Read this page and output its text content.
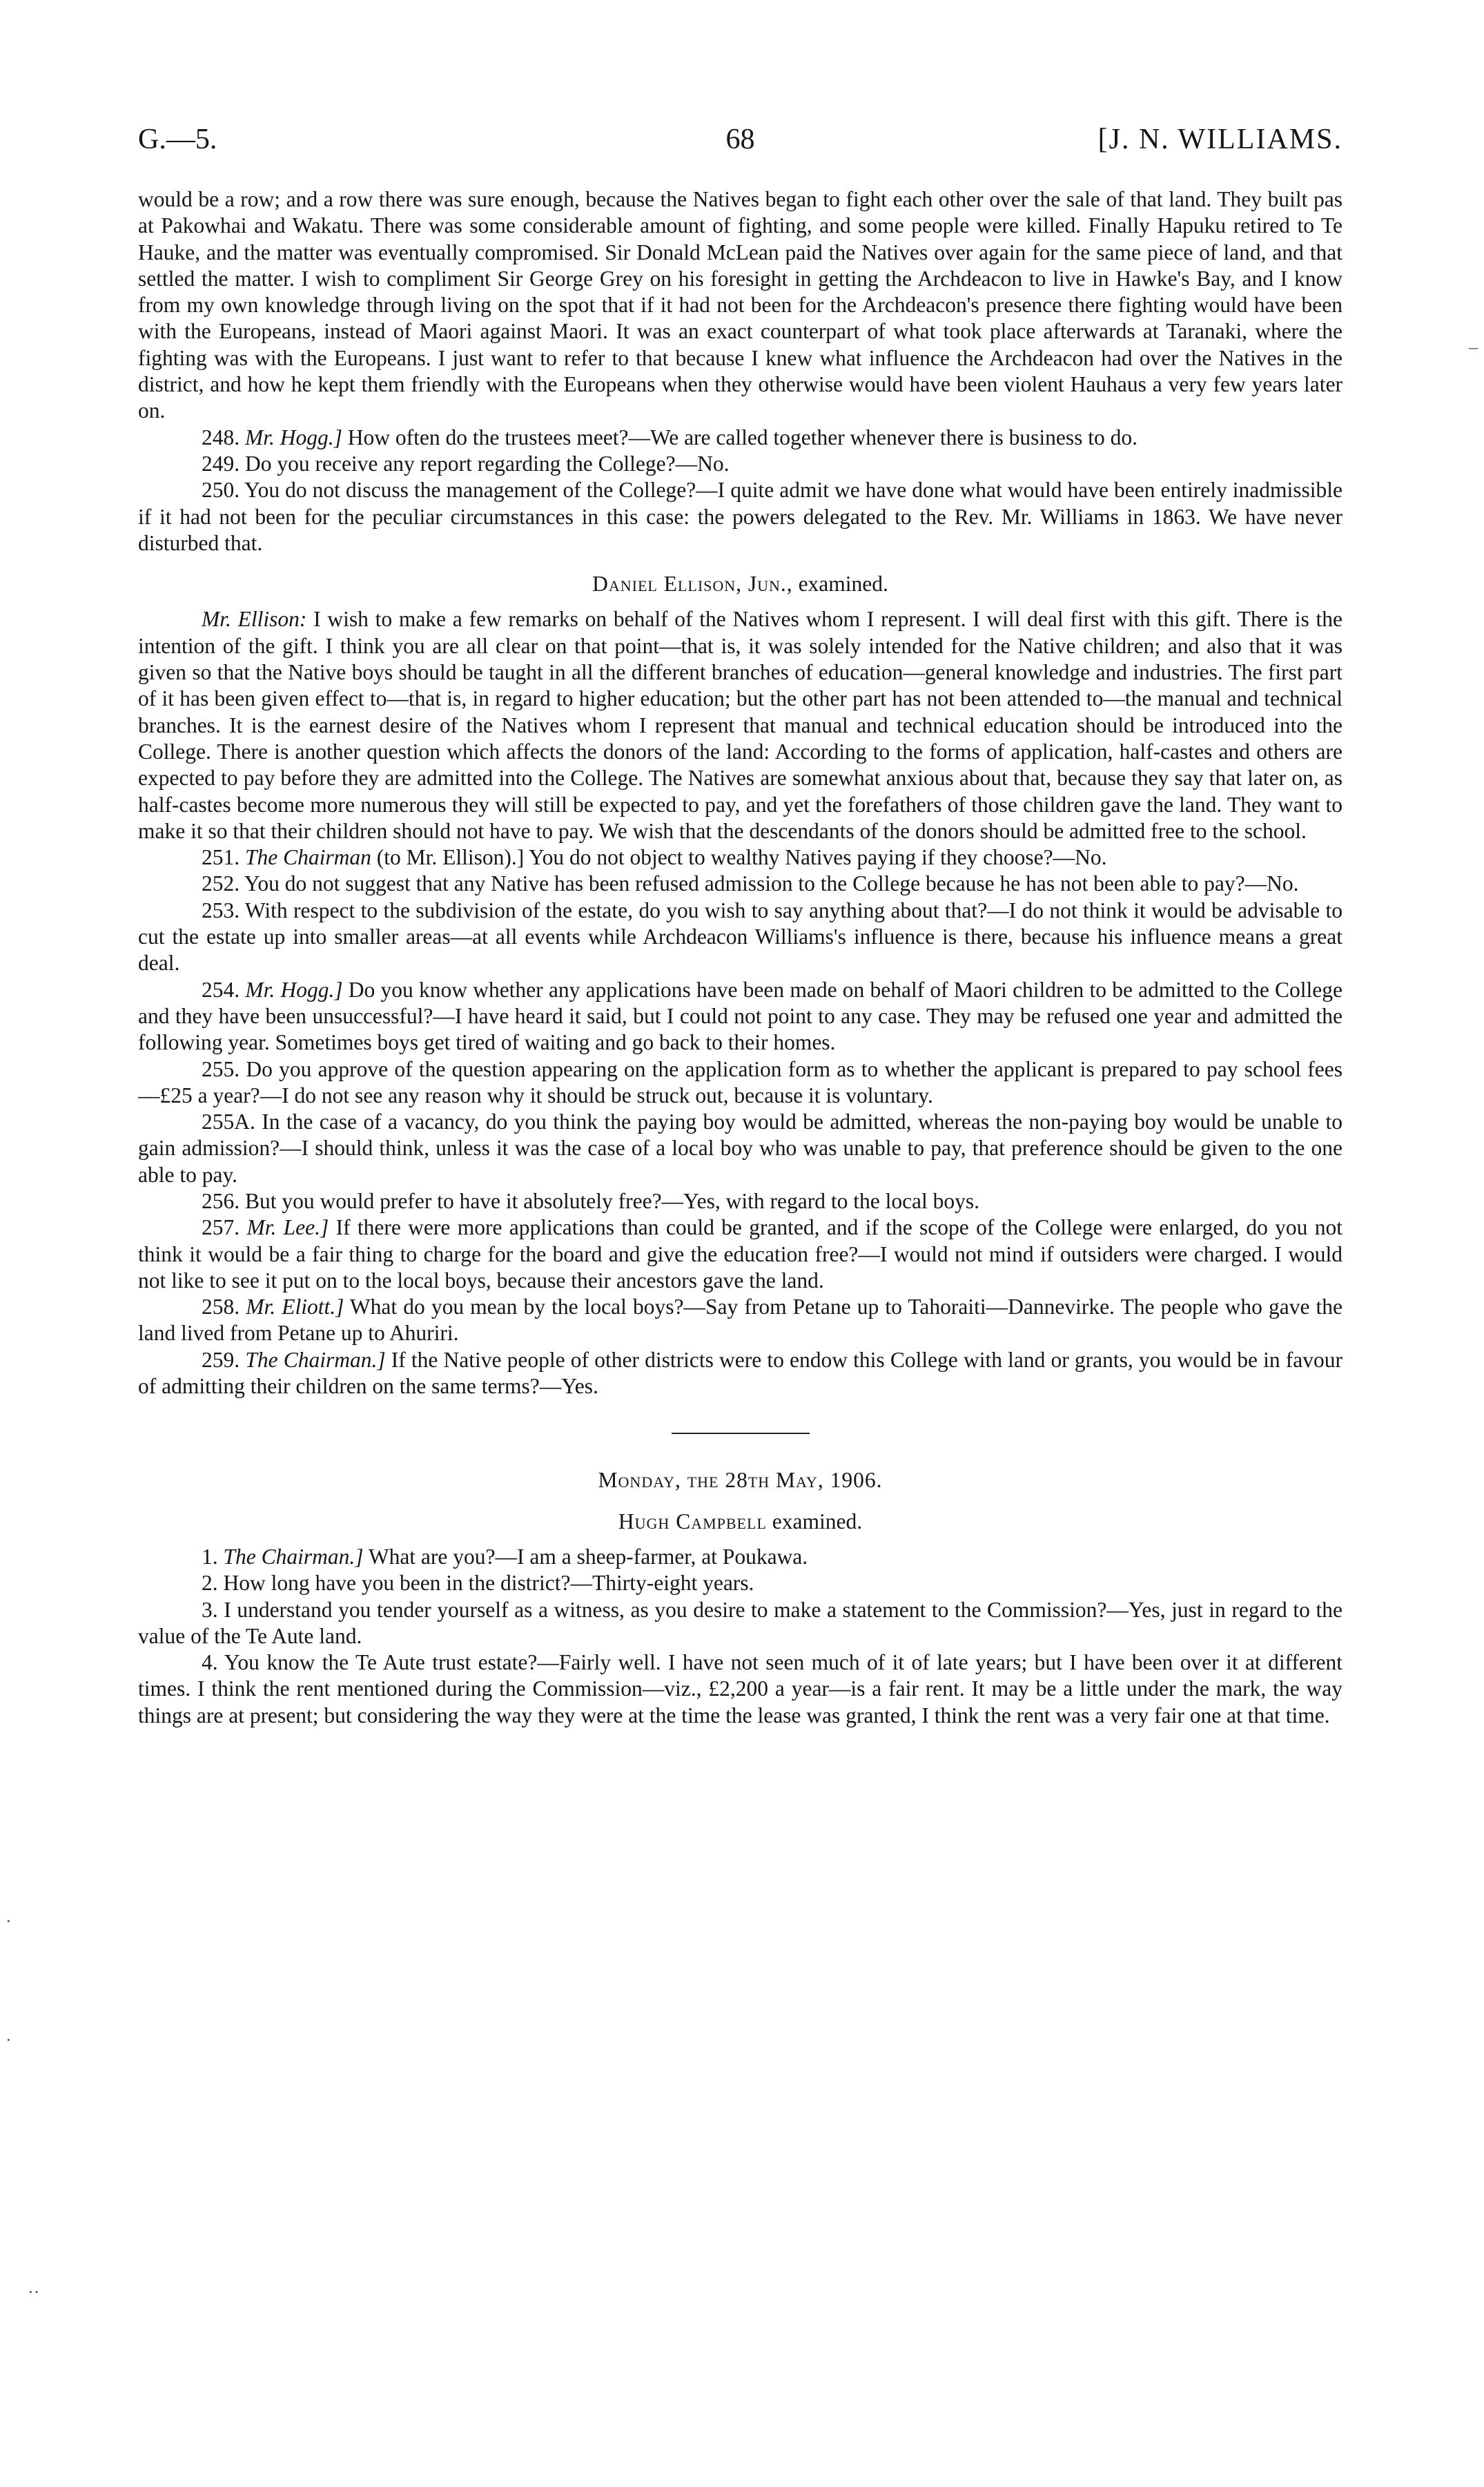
G.—5.	68	[J. N. WILLIAMS.

would be a row; and a row there was sure enough, because the Natives began to fight each other over the sale of that land. They built pas at Pakowhai and Wakatu. There was some considerable amount of fighting, and some people were killed. Finally Hapuku retired to Te Hauke, and the matter was eventually compromised. Sir Donald McLean paid the Natives over again for the same piece of land, and that settled the matter. I wish to compliment Sir George Grey on his foresight in getting the Archdeacon to live in Hawke's Bay, and I know from my own knowledge through living on the spot that if it had not been for the Archdeacon's presence there fighting would have been with the Europeans, instead of Maori against Maori. It was an exact counterpart of what took place afterwards at Taranaki, where the fighting was with the Europeans. I just want to refer to that because I knew what influence the Archdeacon had over the Natives in the district, and how he kept them friendly with the Europeans when they otherwise would have been violent Hauhaus a very few years later on.

248. Mr. Hogg.] How often do the trustees meet?—We are called together whenever there is business to do.

249. Do you receive any report regarding the College?—No.

250. You do not discuss the management of the College?—I quite admit we have done what would have been entirely inadmissible if it had not been for the peculiar circumstances in this case: the powers delegated to the Rev. Mr. Williams in 1863. We have never disturbed that.

Daniel Ellison, Jun., examined.

Mr. Ellison: I wish to make a few remarks on behalf of the Natives whom I represent. I will deal first with this gift. There is the intention of the gift. I think you are all clear on that point—that is, it was solely intended for the Native children; and also that it was given so that the Native boys should be taught in all the different branches of education—general knowledge and industries. The first part of it has been given effect to—that is, in regard to higher education; but the other part has not been attended to—the manual and technical branches. It is the earnest desire of the Natives whom I represent that manual and technical education should be introduced into the College. There is another question which affects the donors of the land: According to the forms of application, half-castes and others are expected to pay before they are admitted into the College. The Natives are somewhat anxious about that, because they say that later on, as half-castes become more numerous they will still be expected to pay, and yet the forefathers of those children gave the land. They want to make it so that their children should not have to pay. We wish that the descendants of the donors should be admitted free to the school.

251. The Chairman (to Mr. Ellison).] You do not object to wealthy Natives paying if they choose?—No.

252. You do not suggest that any Native has been refused admission to the College because he has not been able to pay?—No.

253. With respect to the subdivision of the estate, do you wish to say anything about that?—I do not think it would be advisable to cut the estate up into smaller areas—at all events while Archdeacon Williams's influence is there, because his influence means a great deal.

254. Mr. Hogg.] Do you know whether any applications have been made on behalf of Maori children to be admitted to the College and they have been unsuccessful?—I have heard it said, but I could not point to any case. They may be refused one year and admitted the following year. Sometimes boys get tired of waiting and go back to their homes.

255. Do you approve of the question appearing on the application form as to whether the applicant is prepared to pay school fees—£25 a year?—I do not see any reason why it should be struck out, because it is voluntary.

255A. In the case of a vacancy, do you think the paying boy would be admitted, whereas the non-paying boy would be unable to gain admission?—I should think, unless it was the case of a local boy who was unable to pay, that preference should be given to the one able to pay.

256. But you would prefer to have it absolutely free?—Yes, with regard to the local boys.

257. Mr. Lee.] If there were more applications than could be granted, and if the scope of the College were enlarged, do you not think it would be a fair thing to charge for the board and give the education free?—I would not mind if outsiders were charged. I would not like to see it put on to the local boys, because their ancestors gave the land.

258. Mr. Eliott.] What do you mean by the local boys?—Say from Petane up to Tahoraiti—Dannevirke. The people who gave the land lived from Petane up to Ahuriri.

259. The Chairman.] If the Native people of other districts were to endow this College with land or grants, you would be in favour of admitting their children on the same terms?—Yes.

Monday, the 28th May, 1906.

Hugh Campbell examined.

1. The Chairman.] What are you?—I am a sheep-farmer, at Poukawa.

2. How long have you been in the district?—Thirty-eight years.

3. I understand you tender yourself as a witness, as you desire to make a statement to the Commission?—Yes, just in regard to the value of the Te Aute land.

4. You know the Te Aute trust estate?—Fairly well. I have not seen much of it of late years; but I have been over it at different times. I think the rent mentioned during the Commission—viz., £2,200 a year—is a fair rent. It may be a little under the mark, the way things are at present; but considering the way they were at the time the lease was granted, I think the rent was a very fair one at that time.

–
·
·
··
